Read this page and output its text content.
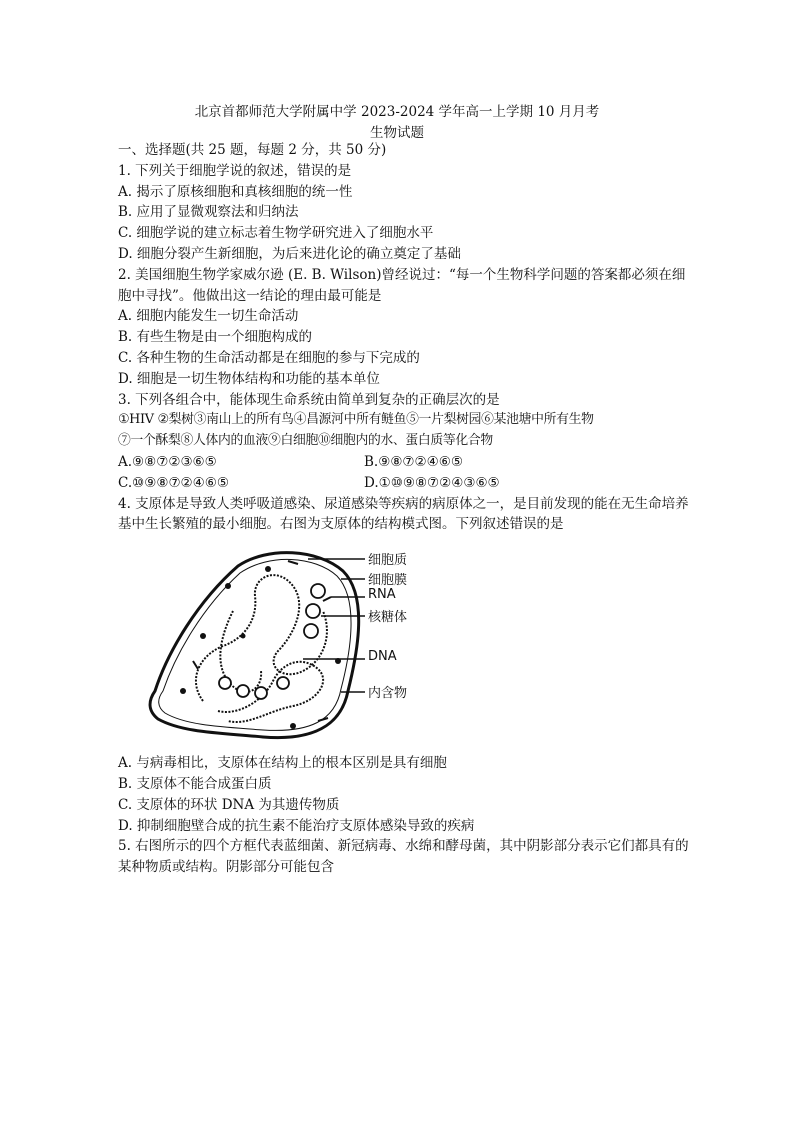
北京首都师范大学附属中学 2023-2024 学年高一上学期 10 月月考
生物试题
一、选择题(共 25 题，每题 2 分，共 50 分)
1. 下列关于细胞学说的叙述，错误的是
A. 揭示了原核细胞和真核细胞的统一性
B. 应用了显微观察法和归纳法
C. 细胞学说的建立标志着生物学研究进入了细胞水平
D. 细胞分裂产生新细胞，为后来进化论的确立奠定了基础
2. 美国细胞生物学家威尔逊 (E. B. Wilson)曾经说过：“每一个生物科学问题的答案都必须在细胞中寻找”。他做出这一结论的理由最可能是
A. 细胞内能发生一切生命活动
B. 有些生物是由一个细胞构成的
C. 各种生物的生命活动都是在细胞的参与下完成的
D. 细胞是一切生物体结构和功能的基本单位
3. 下列各组合中，能体现生命系统由简单到复杂的正确层次的是
①HIV ②梨树③南山上的所有鸟④昌源河中所有鲢鱼⑤一片梨树园⑥某池塘中所有生物
⑦一个酥梨⑧人体内的血液⑨白细胞⑩细胞内的水、蛋白质等化合物
A.⑨⑧⑦②③⑥⑤	B.⑨⑧⑦②④⑥⑤
C.⑩⑨⑧⑦②④⑥⑤	D.①⑩⑨⑧⑦②④③⑥⑤
4. 支原体是导致人类呼吸道感染、尿道感染等疾病的病原体之一，是目前发现的能在无生命培养基中生长繁殖的最小细胞。右图为支原体的结构模式图。下列叙述错误的是
细胞质
细胞膜
RNA
核糖体
DNA
内含物
A. 与病毒相比，支原体在结构上的根本区别是具有细胞
B. 支原体不能合成蛋白质
C. 支原体的环状 DNA 为其遗传物质
D. 抑制细胞壁合成的抗生素不能治疗支原体感染导致的疾病
5. 右图所示的四个方框代表蓝细菌、新冠病毒、水绵和酵母菌，其中阴影部分表示它们都具有的某种物质或结构。阴影部分可能包含
